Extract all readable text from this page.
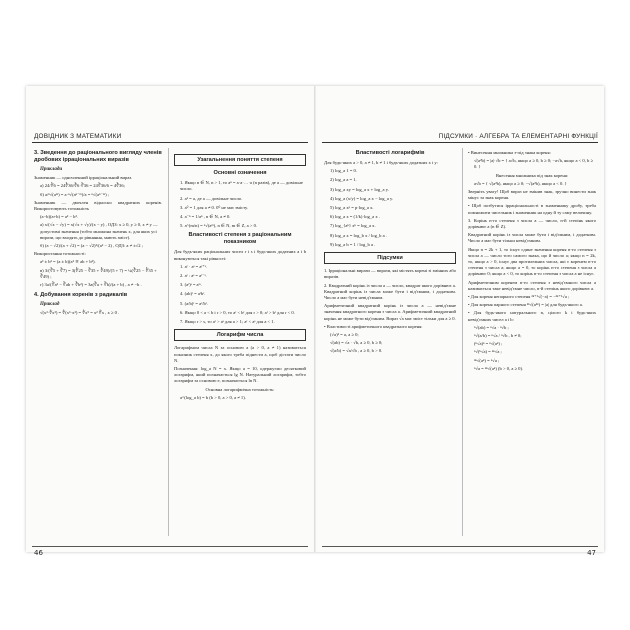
ДОВІДНИК З МАТЕМАТИКИ
3. Зведення до раціонального вигляду членів дробових ірраціональних виразів
Приклади
Знаменник — одночленний ірраціональний вираз.
а) 24/∛6 = 24∛36/∛6·∛36 = 24∛36/6 = 4∛36;
б) a/ⁿ√(aᵐ) = a·ⁿ√(aⁿ⁻ᵐ)/a = ⁿ√(aⁿ⁻ᵐ) ;
Знаменник — двочлен відносно квадратних коренів. Використовують тотожність
(a−b)(a+b) = a² − b².
a) x/(√x − √y) = x(√x + √y)/(x − y) , ОДЗ: x ≥ 0, y ≥ 0, x ≠ y — допустимі значення (тобто множина значень x, для яких усі вирази, що входять до рівняння, мають зміст).
б) (a − √2)/(a + √2) = (a − √2)²/(a² − 2) , ОДЗ: a ≠ ±√2 ;
Використання тотожності:
a³ ± b³ = (a ± b)(a² ∓ ab + b²).
в) 3/(∛5 + ∛7) = 3(∛25 − ∛35 + ∛49)/(5 + 7) = ¼(∛25 − ∛35 + ∛49) ;
г) 3a/(∛a² − ∛ab + ∛b²) = 3a(∛a + ∛b)/(a + b) , a ≠ −b .
4. Добування коренів з радикалів
Приклад
√(x³·∜x³) = ∜(x⁶·x³) = ∜x⁹ = x² ∜x , x ≥ 0 .
Узагальнення поняття степеня
Основні означення
1. Якщо n ∈ N, n > 1, то aⁿ = a·a·…·a (n разів), де a — довільне число.
2. a¹ = a, де a — довільне число.
3. a⁰ = 1 для a ≠ 0. 0⁰ не має змісту.
4. a⁻ⁿ = 1/aⁿ , n ∈ N, a ≠ 0.
5. a^(m/n) = ⁿ√(aᵐ), n ∈ N, m ∈ Z, a > 0.
Властивості степеня з раціональним показником
Для будь-яких раціональних чисел r і s і будь-яких додатних a і b виконуються такі рівності:
1. aʳ · aˢ = aʳ⁺ˢ.
2. aʳ : aˢ = aʳ⁻ˢ.
3. (aʳ)ˢ = aʳˢ.
4. (ab)ʳ = aʳbʳ.
5. (a/b)ʳ = aʳ/bʳ.
6. Якщо 0 < a < b і r > 0, то aʳ < bʳ для r > 0; aʳ > bʳ для r < 0.
7. Якщо r > s, то aʳ > aˢ для a > 1; aʳ < aˢ для a < 1.
Логарифм числа
Логарифмом числа N за основою a (a > 0, a ≠ 1) називається показник степеня x, до якого треба піднести a, щоб дістати число N.
Позначення: log_a N = x. Якщо a = 10, одержуємо десятковий логарифм, який позначається lg N. Натуральний логарифм, тобто логарифм за основою e, позначається ln N.
Основна логарифмічна тотожність:
a^(log_a b) = b (b > 0, a > 0, a ≠ 1).
46
ПІДСУМКИ · АЛГЕБРА ТА ЕЛЕМЕНТАРНІ ФУНКЦІЇ
Властивості логарифмів
Для будь-яких a > 0, a ≠ 1, b ≠ 1 і будь-яких додатних x і y:
1) log_a 1 = 0.
2) log_a a = 1.
3) log_a xy = log_a x + log_a y.
4) log_a (x/y) = log_a x − log_a y.
5) log_a xᵖ = p·log_a x.
6) log_a x = (1/k)·log_a x .
7) log_{aᵏ} xᵏ = log_a x.
8) log_a x = log_b x / log_b a .
9) log_a b = 1 / log_b a .
Підсумки
1. Ірраціональні вирази — вирази, які містять корені зі змінних або виразів.
2. Квадратний корінь із числа a — число, квадрат якого дорівнює a. Квадратний корінь із числа може бути і від'ємним, і додатним. Число a має бути невід'ємним.
Арифметичний квадратний корінь із числа a — невід'ємне значення квадратного кореня з числа a. Арифметичний квадратний корінь не може бути від'ємним. Вираз √a має зміст тільки для a ≥ 0.
• Властивості арифметичного квадратного кореня:
(√a)² = a, a ≥ 0;
√(ab) = √a · √b, a ≥ 0, b ≥ 0;
√(a/b) = √a/√b , a ≥ 0, b > 0.
• Винесення множника з-під знака кореня:
√(a²b) = |a|·√b = { a√b, якщо a ≥ 0, b ≥ 0; −a√b, якщо a < 0, b ≥ 0. }
Внесення множника під знак кореня:
a√b = { √(a²b), якщо a ≥ 0; −√(a²b), якщо a < 0. }
Зверніть увагу! Щоб вираз не змінив знак, зручно винести знак мінус за знак кореня.
• Щоб позбутися ірраціональності в знаменнику дробу, треба помножити чисельник і знаменник на одну й ту саму величину.
3. Корінь n-го степеня з числа a — число, n-й степінь якого дорівнює a (n ∈ Z).
Квадратний корінь із числа може бути і від'ємним, і додатним. Число a має бути тільки невід'ємним.
Якщо n = 2k + 1, то існує єдине значення кореня n-го степеня з числа a — число того самого знака, що й число a; якщо n = 2k, то, якщо a > 0, існує два протилежних числа, які є коренем n-го степеня з числа a; якщо a = 0, то корінь n-го степеня з числа a дорівнює 0; якщо a < 0, то корінь n-го степеня з числа a не існує.
Арифметичним коренем n-го степеня з невід'ємного числа a називається таке невід'ємне число, n-й степінь якого дорівнює a.
• Для кореня непарного степеня ²ᵏ⁺¹√(−a) = −²ᵏ⁺¹√a ;
• Для кореня парного степеня ²ᵏ√(a²ᵏ) = |a| для будь-якого a.
• Для будь-якого натурального n, цілого k і будь-яких невід'ємних чисел a і b:
ⁿ√(ab) = ⁿ√a · ⁿ√b ;
ⁿ√(a/b) = ⁿ√a / ⁿ√b , b ≠ 0;
(ⁿ√a)ᵏ = ⁿ√(aᵏ) ;
ⁿ√(ᵏ√a) = ⁿᵏ√a ;
ⁿᵏ√(aᵏ) = ⁿ√a ;
ⁿ√a = ⁿᵏ√(aᵏ) (b > 0, a ≥ 0).
47
